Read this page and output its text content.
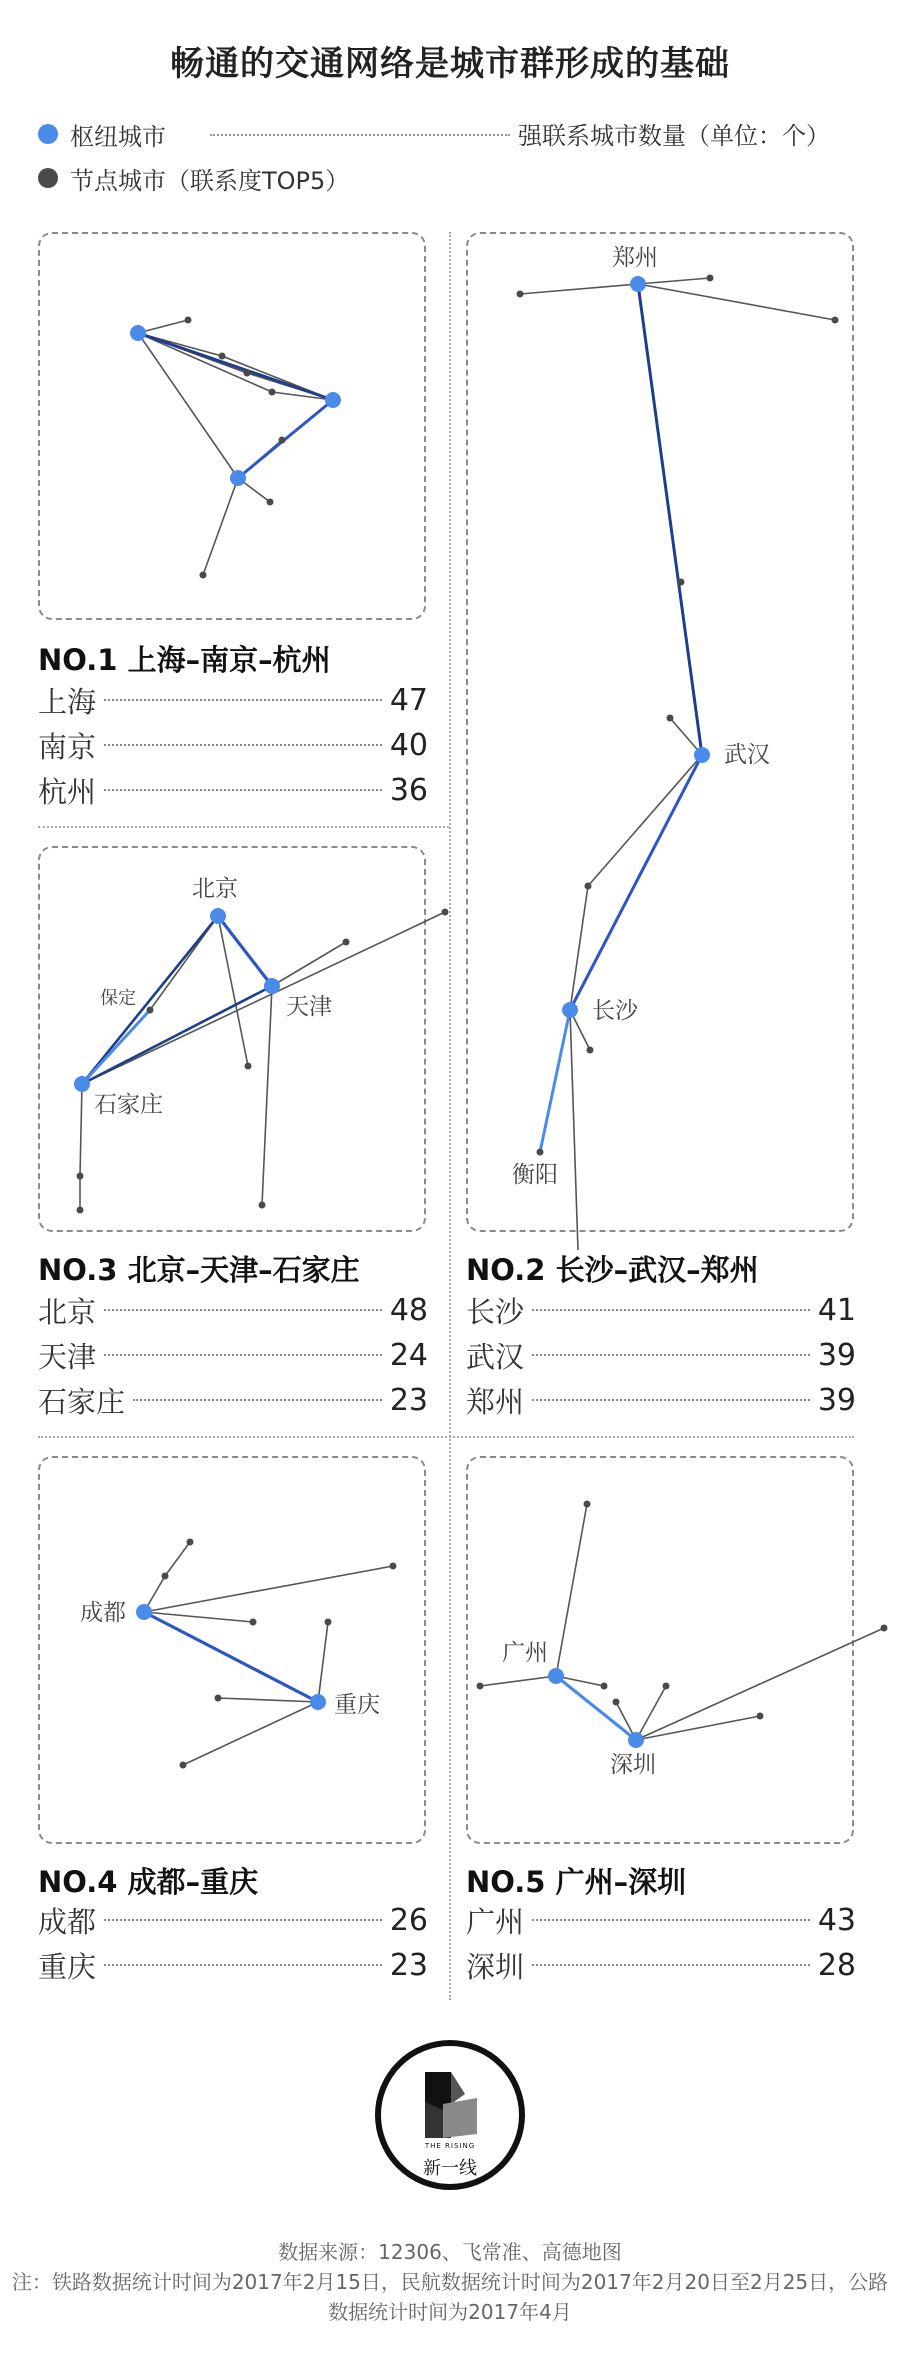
畅通的交通网络是城市群形成的基础
枢纽城市	强联系城市数量（单位：个）
节点城市（联系度TOP5）
郑州
武汉
长沙
衡阳
北京
天津
保定
石家庄
成都
重庆
广州
深圳
NO.1 上海–南京–杭州
上海	47
南京	40
杭州	36
NO.3 北京–天津–石家庄
北京	48
天津	24
石家庄	23
NO.2 长沙–武汉–郑州
长沙	41
武汉	39
郑州	39
NO.4 成都–重庆
成都	26
重庆	23
NO.5 广州–深圳
广州	43
深圳	28
THE RISING
新一线
数据来源：12306、飞常准、高德地图
注：铁路数据统计时间为2017年2月15日，民航数据统计时间为2017年2月20日至2月25日，公路
数据统计时间为2017年4月
